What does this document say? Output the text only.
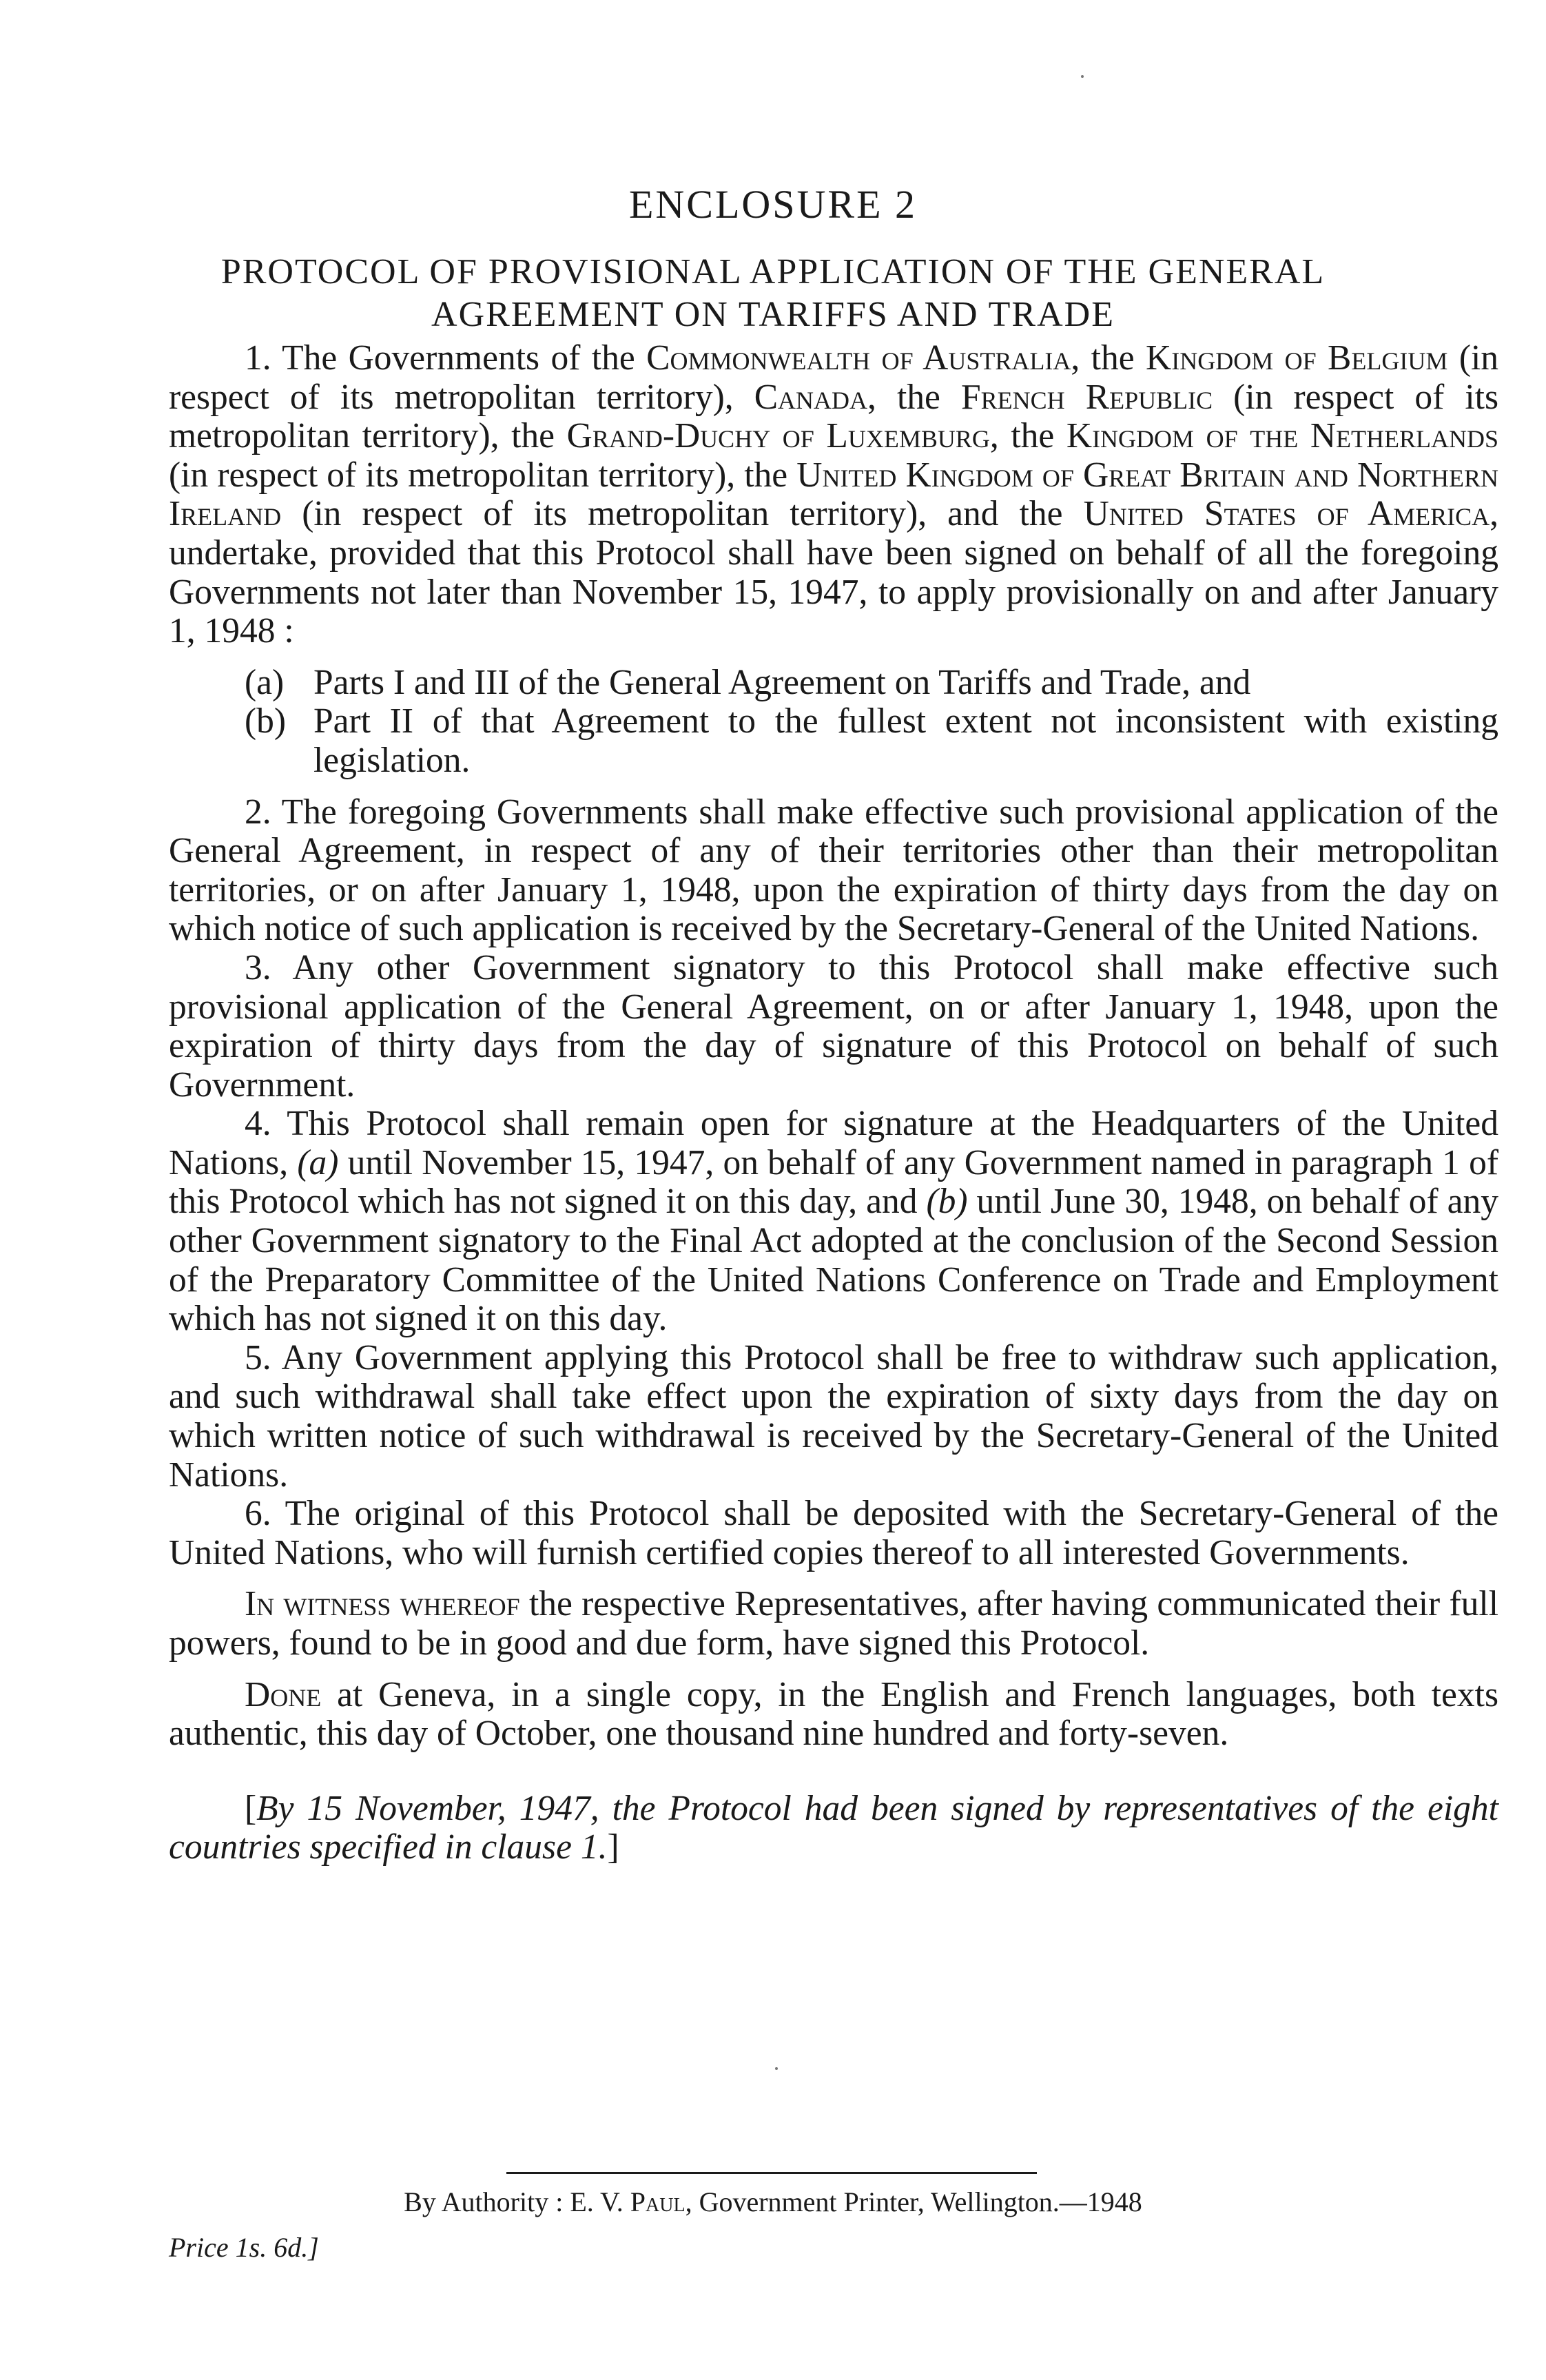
ENCLOSURE 2
PROTOCOL OF PROVISIONAL APPLICATION OF THE GENERAL
AGREEMENT ON TARIFFS AND TRADE

1. The Governments of the Commonwealth of Australia, the Kingdom of Belgium (in respect of its metropolitan territory), Canada, the French Republic (in respect of its metropolitan territory), the Grand-Duchy of Luxemburg, the Kingdom of the Netherlands (in respect of its metropolitan territory), the United Kingdom of Great Britain and Northern Ireland (in respect of its metropolitan territory), and the United States of America, undertake, provided that this Protocol shall have been signed on behalf of all the foregoing Governments not later than November 15, 1947, to apply provisionally on and after January 1, 1948 :

(a) Parts I and III of the General Agreement on Tariffs and Trade, and

(b) Part II of that Agreement to the fullest extent not inconsistent with existing legislation.

2. The foregoing Governments shall make effective such provisional application of the General Agreement, in respect of any of their territories other than their metropolitan territories, or on after January 1, 1948, upon the expiration of thirty days from the day on which notice of such application is received by the Secretary-General of the United Nations.

3. Any other Government signatory to this Protocol shall make effective such provisional application of the General Agreement, on or after January 1, 1948, upon the expiration of thirty days from the day of signature of this Protocol on behalf of such Government.

4. This Protocol shall remain open for signature at the Headquarters of the United Nations, (a) until November 15, 1947, on behalf of any Government named in paragraph 1 of this Protocol which has not signed it on this day, and (b) until June 30, 1948, on behalf of any other Government signatory to the Final Act adopted at the conclusion of the Second Session of the Preparatory Committee of the United Nations Conference on Trade and Employment which has not signed it on this day.

5. Any Government applying this Protocol shall be free to withdraw such application, and such withdrawal shall take effect upon the expiration of sixty days from the day on which written notice of such withdrawal is received by the Secretary-General of the United Nations.

6. The original of this Protocol shall be deposited with the Secretary-General of the United Nations, who will furnish certified copies thereof to all interested Governments.

In witness whereof the respective Representatives, after having communicated their full powers, found to be in good and due form, have signed this Protocol.

Done at Geneva, in a single copy, in the English and French languages, both texts authentic, this day of October, one thousand nine hundred and forty-seven.

[By 15 November, 1947, the Protocol had been signed by representatives of the eight countries specified in clause 1.]

By Authority : E. V. Paul, Government Printer, Wellington.—1948
Price 1s. 6d.]
